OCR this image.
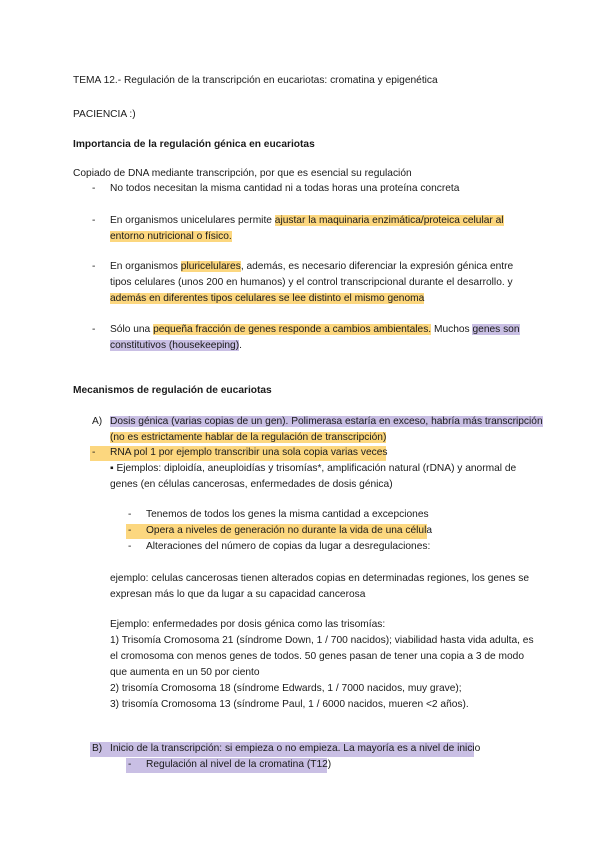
TEMA 12.- Regulación de la transcripción en eucariotas: cromatina y epigenética
PACIENCIA :)
Importancia de la regulación génica en eucariotas
Copiado de DNA mediante transcripción, por que es esencial su regulación
- No todos necesitan la misma cantidad ni a todas horas una proteína concreta
- En organismos unicelulares permite ajustar la maquinaria enzimática/proteica celular al
entorno nutricional o físico.
- En organismos pluricelulares, además, es necesario diferenciar la expresión génica entre
tipos celulares (unos 200 en humanos) y el control transcripcional durante el desarrollo. y
además en diferentes tipos celulares se lee distinto el mismo genoma
- Sólo una pequeña fracción de genes responde a cambios ambientales. Muchos genes son
constitutivos (housekeeping).
Mecanismos de regulación de eucariotas
A) Dosis génica (varias copias de un gen). Polimerasa estaría en exceso, habría más transcripción
(no es estrictamente hablar de la regulación de transcripción)
- RNA pol 1 por ejemplo transcribir una sola copia varias veces
▪ Ejemplos: diploidía, aneuploidías y trisomías*, amplificación natural (rDNA) y anormal de
genes (en células cancerosas, enfermedades de dosis génica)
- Tenemos de todos los genes la misma cantidad a excepciones
- Opera a niveles de generación no durante la vida de una célula
- Alteraciones del número de copias da lugar a desregulaciones:
ejemplo: celulas cancerosas tienen alterados copias en determinadas regiones, los genes se
expresan más lo que da lugar a su capacidad cancerosa
Ejemplo: enfermedades por dosis génica como las trisomías:
1) Trisomía Cromosoma 21 (síndrome Down, 1 / 700 nacidos); viabilidad hasta vida adulta, es
el cromosoma con menos genes de todos. 50 genes pasan de tener una copia a 3 de modo
que aumenta en un 50 por ciento
2) trisomía Cromosoma 18 (síndrome Edwards, 1 / 7000 nacidos, muy grave);
3) trisomía Cromosoma 13 (síndrome Paul, 1 / 6000 nacidos, mueren <2 años).
B) Inicio de la transcripción: si empieza o no empieza. La mayoría es a nivel de inicio
- Regulación al nivel de la cromatina (T12)
